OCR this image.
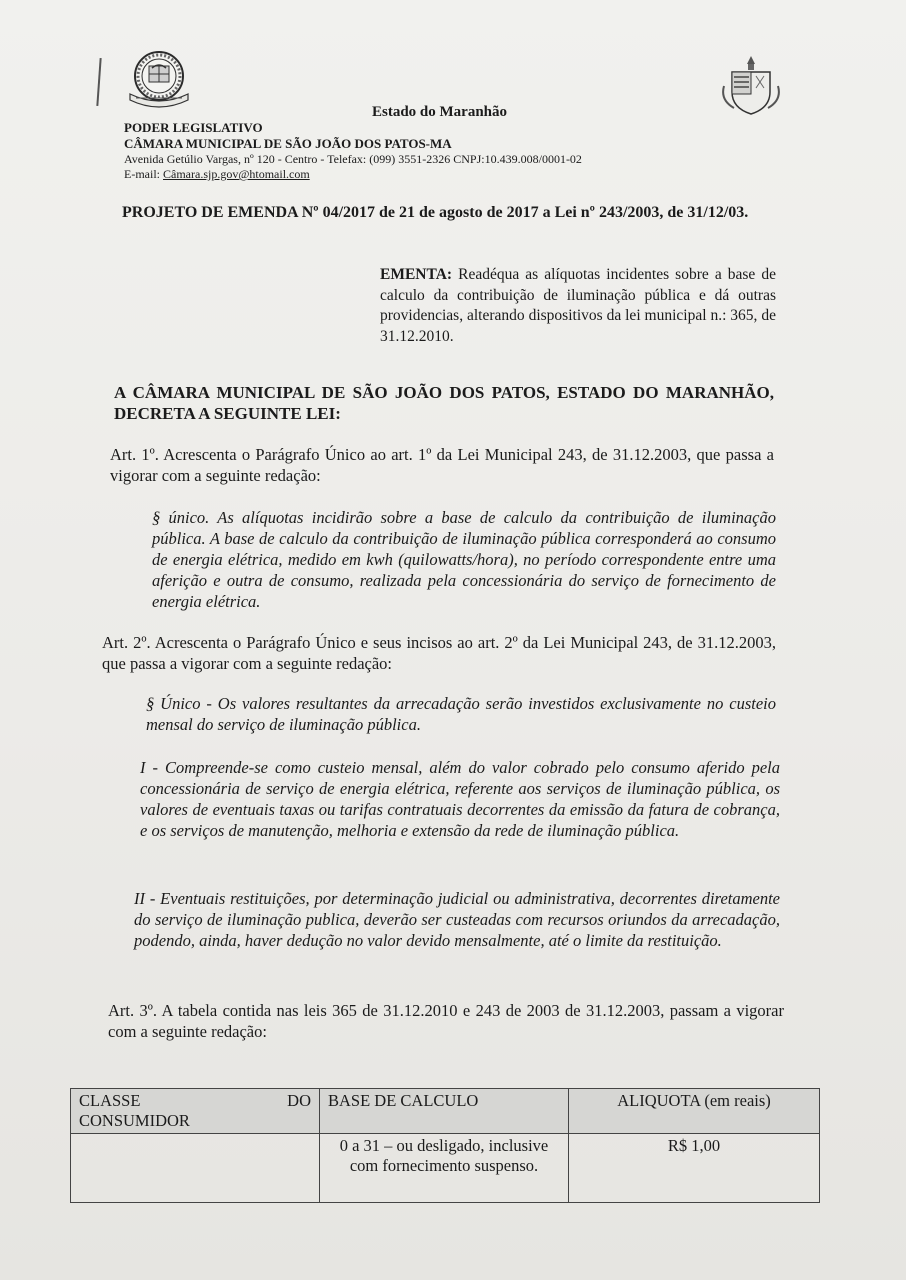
Estado do Maranhão
PODER LEGISLATIVO
CÂMARA MUNICIPAL DE SÃO JOÃO DOS PATOS-MA
Avenida Getúlio Vargas, nº 120 - Centro - Telefax: (099) 3551-2326 CNPJ:10.439.008/0001-02
E-mail: Câmara.sjp.gov@htomail.com
PROJETO DE EMENDA Nº 04/2017 de 21 de agosto de 2017 a Lei nº 243/2003, de 31/12/03.
EMENTA: Readéqua as alíquotas incidentes sobre a base de calculo da contribuição de iluminação pública e dá outras providencias, alterando dispositivos da lei municipal n.: 365, de 31.12.2010.
A CÂMARA MUNICIPAL DE SÃO JOÃO DOS PATOS, ESTADO DO MARANHÃO, DECRETA A SEGUINTE LEI:
Art. 1º. Acrescenta o Parágrafo Único ao art. 1º da Lei Municipal 243, de 31.12.2003, que passa a vigorar com a seguinte redação:
§ único. As alíquotas incidirão sobre a base de calculo da contribuição de iluminação pública. A base de calculo da contribuição de iluminação pública corresponderá ao consumo de energia elétrica, medido em kwh (quilowatts/hora), no período correspondente entre uma aferição e outra de consumo, realizada pela concessionária do serviço de fornecimento de energia elétrica.
Art. 2º. Acrescenta o Parágrafo Único e seus incisos ao art. 2º da Lei Municipal 243, de 31.12.2003, que passa a vigorar com a seguinte redação:
§ Único - Os valores resultantes da arrecadação serão investidos exclusivamente no custeio mensal do serviço de iluminação pública.
I - Compreende-se como custeio mensal, além do valor cobrado pelo consumo aferido pela concessionária de serviço de energia elétrica, referente aos serviços de iluminação pública, os valores de eventuais taxas ou tarifas contratuais decorrentes da emissão da fatura de cobrança, e os serviços de manutenção, melhoria e extensão da rede de iluminação pública.
II - Eventuais restituições, por determinação judicial ou administrativa, decorrentes diretamente do serviço de iluminação publica, deverão ser custeadas com recursos oriundos da arrecadação, podendo, ainda, haver dedução no valor devido mensalmente, até o limite da restituição.
Art. 3º. A tabela contida nas leis 365 de 31.12.2010 e 243 de 2003 de 31.12.2003, passam a vigorar com a seguinte redação:
CLASSE DO
CONSUMIDOR	BASE DE CALCULO	ALIQUOTA (em reais)
	0 a 31 – ou desligado, inclusive com fornecimento suspenso.	R$ 1,00
